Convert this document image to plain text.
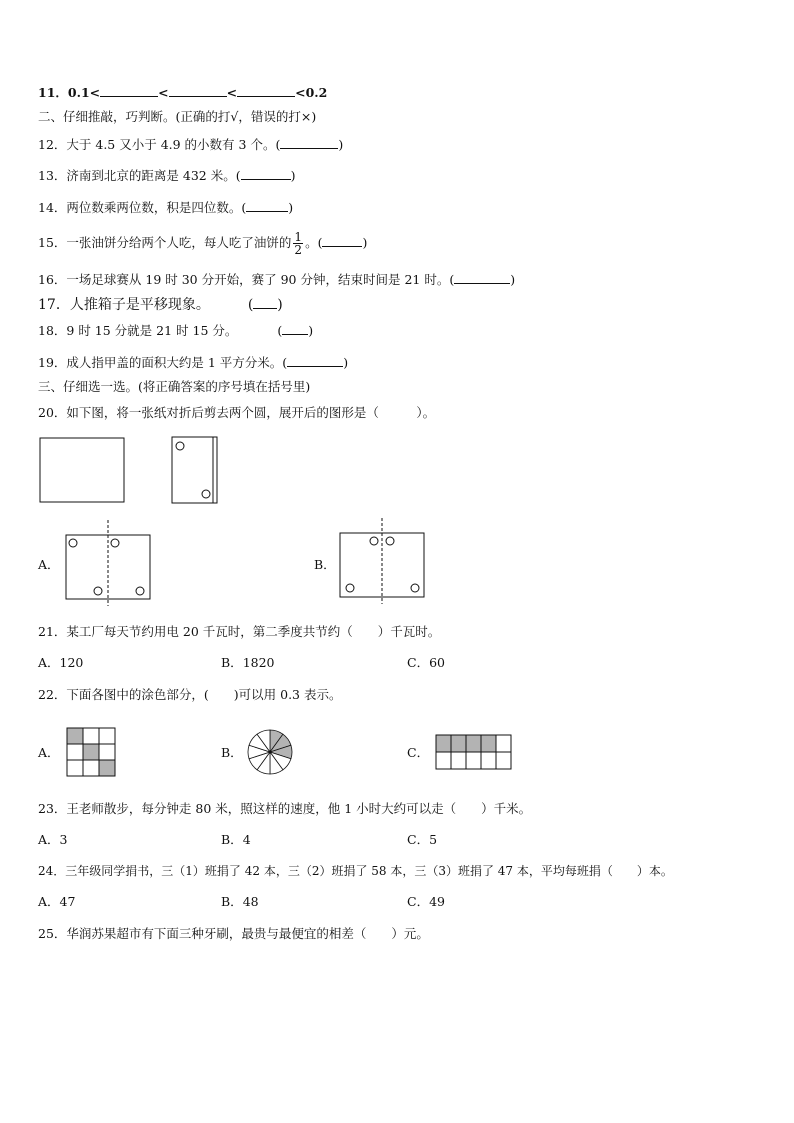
11．0.1<	<	<	<0.2
二、仔细推敲，巧判断。(正确的打√，错误的打×)
12．大于 4.5 又小于 4.9 的小数有 3 个。(	)
13．济南到北京的距离是 432 米。(	)
14．两位数乘两位数，积是四位数。(	)
15．一张油饼分给两个人吃，每人吃了油饼的 $\frac{1}{2}$ 。(	)
16．一场足球赛从 19 时 30 分开始，赛了 90 分钟，结束时间是 21 时。(	)
17．人推箱子是平移现象。	( )
18．9 时 15 分就是 21 时 15 分。	( )
19．成人指甲盖的面积大约是 1 平方分米。(	)
三、仔细选一选。(将正确答案的序号填在括号里)
20．如下图，将一张纸对折后剪去两个圆，展开后的图形是（　　　）。
A．	B．
21．某工厂每天节约用电 20 千瓦时，第二季度共节约（　　）千瓦时。
A．120	B．1820	C．60
22．下面各图中的涂色部分，(　　)可以用 0.3 表示。
A．	B．	C．
23．王老师散步，每分钟走 80 米，照这样的速度，他 1 小时大约可以走（　　）千米。
A．3	B．4	C．5
24．三年级同学捐书，三（1）班捐了 42 本，三（2）班捐了 58 本，三（3）班捐了 47 本，平均每班捐（　　）本。
A．47	B．48	C．49
25．华润苏果超市有下面三种牙刷，最贵与最便宜的相差（　　）元。
